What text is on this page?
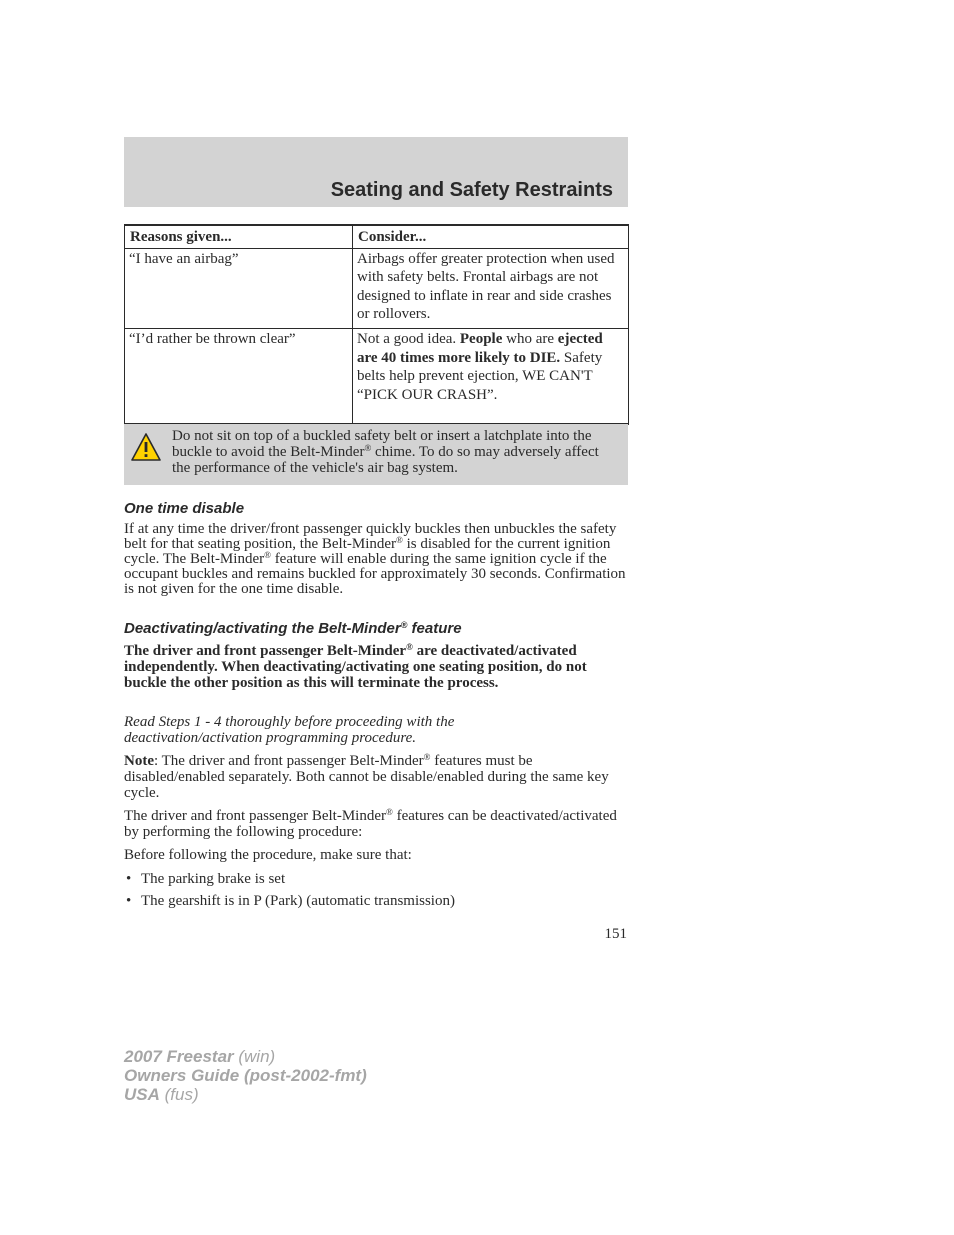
Seating and Safety Restraints
Reasons given...	Consider...
“I have an airbag”	Airbags offer greater protection when used with safety belts. Frontal airbags are not designed to inflate in rear and side crashes or rollovers.
“I’d rather be thrown clear”	Not a good idea. People who are ejected are 40 times more likely to DIE. Safety belts help prevent ejection, WE CAN'T “PICK OUR CRASH”.
Do not sit on top of a buckled safety belt or insert a latchplate into the buckle to avoid the Belt-Minder® chime. To do so may adversely affect the performance of the vehicle's air bag system.
One time disable

If at any time the driver/front passenger quickly buckles then unbuckles the safety belt for that seating position, the Belt-Minder® is disabled for the current ignition cycle. The Belt-Minder® feature will enable during the same ignition cycle if the occupant buckles and remains buckled for approximately 30 seconds. Confirmation is not given for the one time disable.

Deactivating/activating the Belt-Minder® feature

The driver and front passenger Belt-Minder® are deactivated/activated independently. When deactivating/activating one seating position, do not buckle the other position as this will terminate the process.

Read Steps 1 - 4 thoroughly before proceeding with the deactivation/activation programming procedure.

Note: The driver and front passenger Belt-Minder® features must be disabled/enabled separately. Both cannot be disable/enabled during the same key cycle.

The driver and front passenger Belt-Minder® features can be deactivated/activated by performing the following procedure:

Before following the procedure, make sure that:

• The parking brake is set
• The gearshift is in P (Park) (automatic transmission)
151
2007 Freestar (win)
Owners Guide (post-2002-fmt)
USA (fus)
